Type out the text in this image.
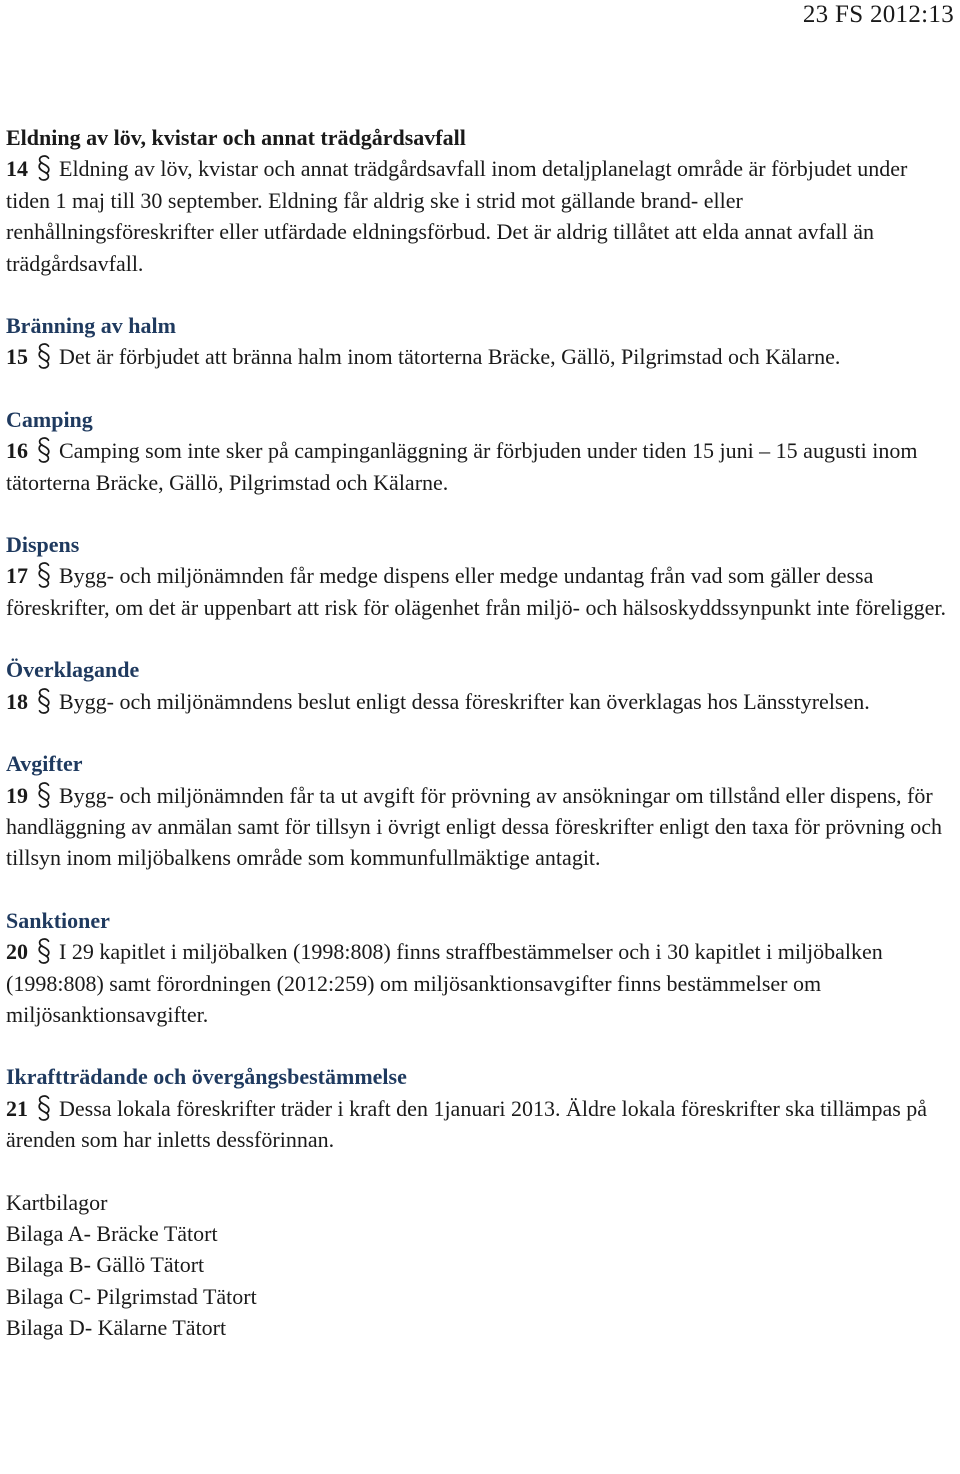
23 FS 2012:13
Eldning av löv, kvistar och annat trädgårdsavfall
14 Eldning av löv, kvistar och annat trädgårdsavfall inom detaljplanelagt område är förbjudet under tiden 1 maj till 30 september. Eldning får aldrig ske i strid mot gällande brand- eller renhållningsföreskrifter eller utfärdade eldningsförbud. Det är aldrig tillåtet att elda annat avfall än trädgårdsavfall.
Bränning av halm
15 Det är förbjudet att bränna halm inom tätorterna Bräcke, Gällö, Pilgrimstad och Kälarne.
Camping
16 Camping som inte sker på campinganläggning är förbjuden under tiden 15 juni – 15 augusti inom tätorterna Bräcke, Gällö, Pilgrimstad och Kälarne.
Dispens
17 Bygg- och miljönämnden får medge dispens eller medge undantag från vad som gäller dessa föreskrifter, om det är uppenbart att risk för olägenhet från miljö- och hälsoskyddssynpunkt inte föreligger.
Överklagande
18 Bygg- och miljönämndens beslut enligt dessa föreskrifter kan överklagas hos Länsstyrelsen.
Avgifter
19 Bygg- och miljönämnden får ta ut avgift för prövning av ansökningar om tillstånd eller dispens, för handläggning av anmälan samt för tillsyn i övrigt enligt dessa föreskrifter enligt den taxa för prövning och tillsyn inom miljöbalkens område som kommunfullmäktige antagit.
Sanktioner
20 I 29 kapitlet i miljöbalken (1998:808) finns straffbestämmelser och i 30 kapitlet i miljöbalken (1998:808) samt förordningen (2012:259) om miljösanktionsavgifter finns bestämmelser om miljösanktionsavgifter.
Ikraftträdande och övergångsbestämmelse
21 Dessa lokala föreskrifter träder i kraft den 1januari 2013. Äldre lokala föreskrifter ska tillämpas på ärenden som har inletts dessförinnan.
Kartbilagor
Bilaga A- Bräcke Tätort
Bilaga B- Gällö Tätort
Bilaga C- Pilgrimstad Tätort
Bilaga D- Kälarne Tätort
